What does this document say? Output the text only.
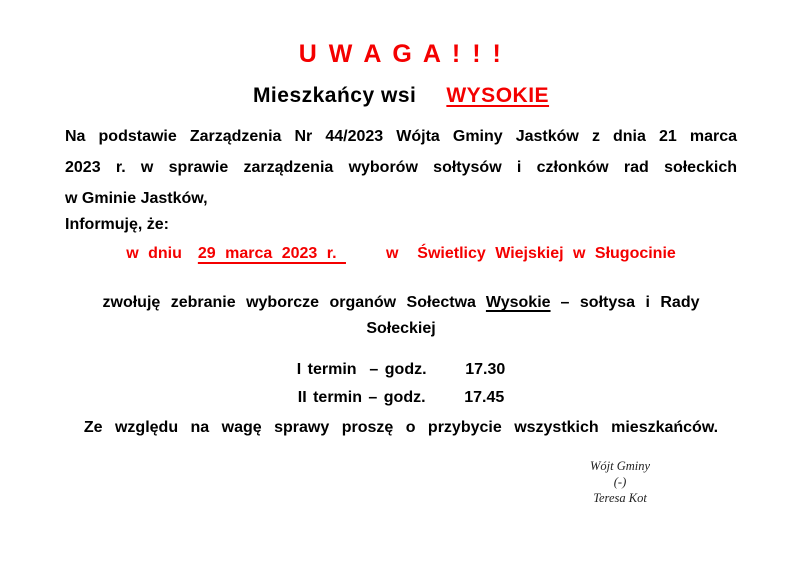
U W A G A ! ! !
Mieszkańcy wsi WYSOKIE
Na podstawie Zarządzenia Nr 44/2023 Wójta Gminy Jastków z dnia 21 marca
2023 r. w sprawie zarządzenia wyborów sołtysów i członków rad sołeckich
w Gminie Jastków,

Informuję, że:

w dniu 29 marca 2023 r.	w  Świetlicy Wiejskiej w Sługocinie

zwołuję zebranie wyborcze organów Sołectwa Wysokie – sołtysa i Rady
Sołeckiej

I termin  – godz.      17.30

II termin – godz.      17.45

Ze względu na wagę sprawy proszę o przybycie wszystkich mieszkańców.

Wójt Gminy
(-)
Teresa Kot
